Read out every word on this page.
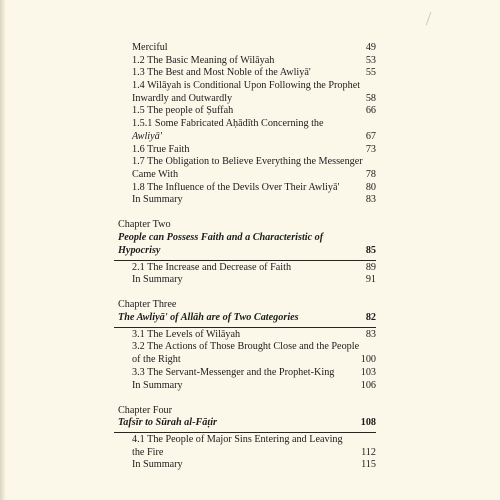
Merciful	49
1.2 The Basic Meaning of Wilāyah	53
1.3 The Best and Most Noble of the Awliyā'	55
1.4 Wilāyah is Conditional Upon Following the Prophet
Inwardly and Outwardly	58
1.5 The people of Ṣuffah	66
1.5.1 Some Fabricated Aḥādīth Concerning the
Awliyā'	67
1.6 True Faith	73
1.7 The Obligation to Believe Everything the Messenger
Came With	78
1.8 The Influence of the Devils Over Their Awliyā'	80
In Summary	83
Chapter Two
People can Possess Faith and a Characteristic of
Hypocrisy	85
2.1 The Increase and Decrease of Faith	89
In Summary	91
Chapter Three
The Awliyā' of Allāh are of Two Categories	82
3.1 The Levels of Wilāyah	83
3.2 The Actions of Those Brought Close and the People
of the Right	100
3.3 The Servant-Messenger and the Prophet-King	103
In Summary	106
Chapter Four
Tafsīr to Sūrah al-Fāṭir	108
4.1 The People of Major Sins Entering and Leaving
the Fire	112
In Summary	115
